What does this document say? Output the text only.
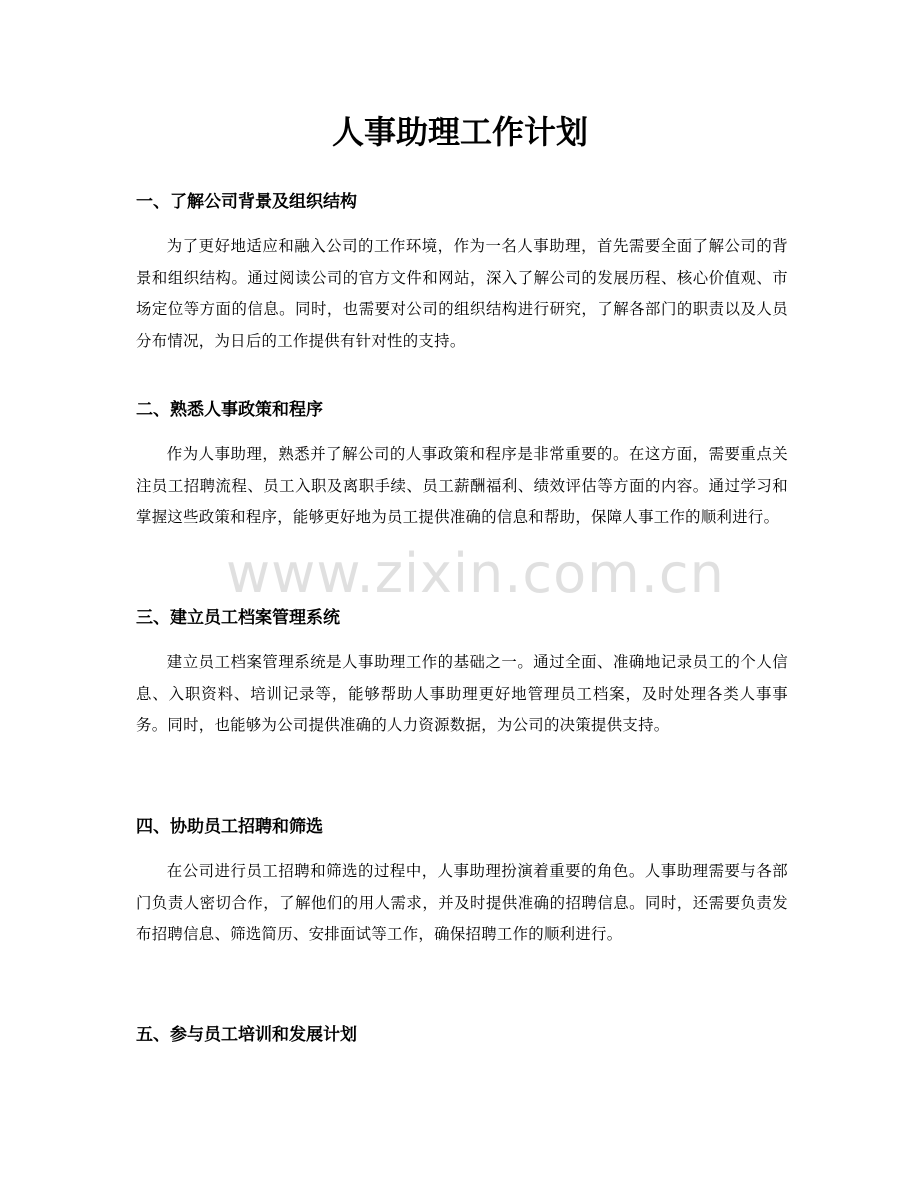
人事助理工作计划
一、了解公司背景及组织结构

为了更好地适应和融入公司的工作环境，作为一名人事助理，首先需要全面了解公司的背景和组织结构。通过阅读公司的官方文件和网站，深入了解公司的发展历程、核心价值观、市场定位等方面的信息。同时，也需要对公司的组织结构进行研究，了解各部门的职责以及人员分布情况，为日后的工作提供有针对性的支持。

二、熟悉人事政策和程序

作为人事助理，熟悉并了解公司的人事政策和程序是非常重要的。在这方面，需要重点关注员工招聘流程、员工入职及离职手续、员工薪酬福利、绩效评估等方面的内容。通过学习和掌握这些政策和程序，能够更好地为员工提供准确的信息和帮助，保障人事工作的顺利进行。

三、建立员工档案管理系统

建立员工档案管理系统是人事助理工作的基础之一。通过全面、准确地记录员工的个人信息、入职资料、培训记录等，能够帮助人事助理更好地管理员工档案，及时处理各类人事事务。同时，也能够为公司提供准确的人力资源数据，为公司的决策提供支持。

四、协助员工招聘和筛选

在公司进行员工招聘和筛选的过程中，人事助理扮演着重要的角色。人事助理需要与各部门负责人密切合作，了解他们的用人需求，并及时提供准确的招聘信息。同时，还需要负责发布招聘信息、筛选简历、安排面试等工作，确保招聘工作的顺利进行。

五、参与员工培训和发展计划
www.zixin.com.cn
